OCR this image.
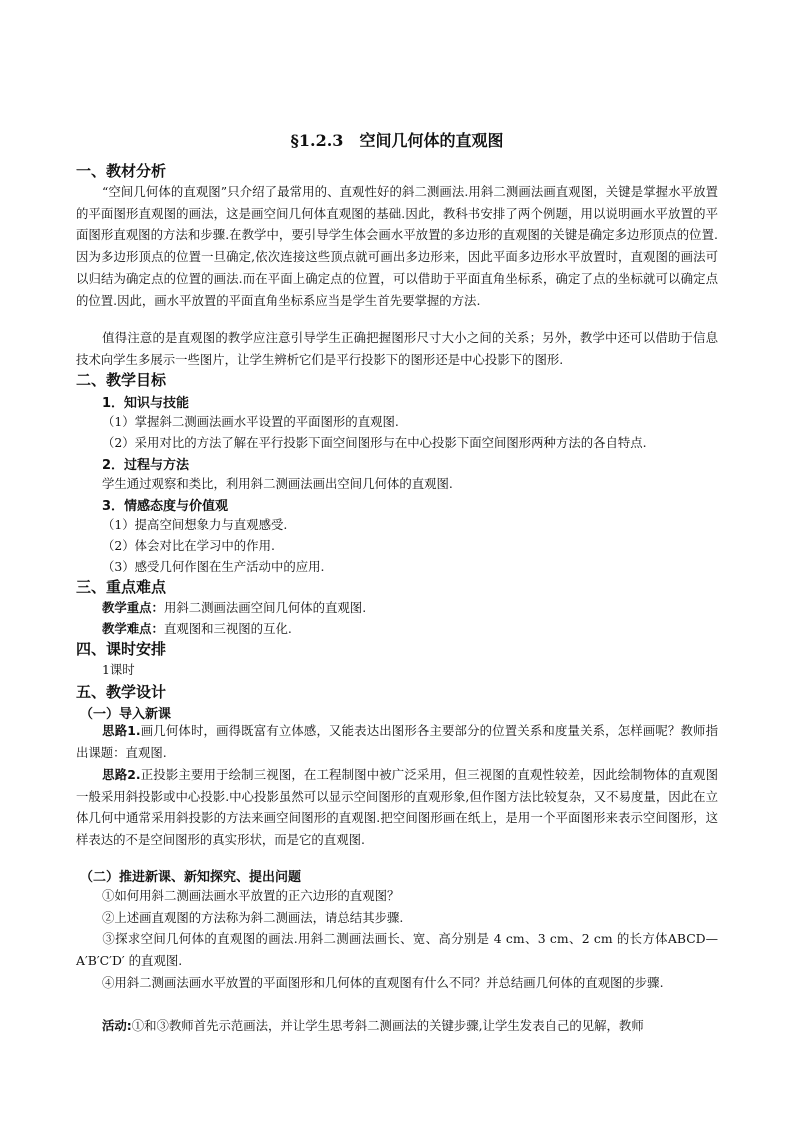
§1.2.3　空间几何体的直观图
一、教材分析
“空间几何体的直观图”只介绍了最常用的、直观性好的斜二测画法.用斜二测画法画直观图，关键是掌握水平放置的平面图形直观图的画法，这是画空间几何体直观图的基础.因此，教科书安排了两个例题，用以说明画水平放置的平面图形直观图的方法和步骤.在教学中，要引导学生体会画水平放置的多边形的直观图的关键是确定多边形顶点的位置.因为多边形顶点的位置一旦确定,依次连接这些顶点就可画出多边形来，因此平面多边形水平放置时，直观图的画法可以归结为确定点的位置的画法.而在平面上确定点的位置，可以借助于平面直角坐标系，确定了点的坐标就可以确定点的位置.因此，画水平放置的平面直角坐标系应当是学生首先要掌握的方法.
值得注意的是直观图的教学应注意引导学生正确把握图形尺寸大小之间的关系；另外，教学中还可以借助于信息技术向学生多展示一些图片，让学生辨析它们是平行投影下的图形还是中心投影下的图形.
二、教学目标
1．知识与技能
（1）掌握斜二测画法画水平设置的平面图形的直观图.
（2）采用对比的方法了解在平行投影下面空间图形与在中心投影下面空间图形两种方法的各自特点.
2．过程与方法
学生通过观察和类比，利用斜二测画法画出空间几何体的直观图.
3．情感态度与价值观
（1）提高空间想象力与直观感受.
（2）体会对比在学习中的作用.
（3）感受几何作图在生产活动中的应用.
三、重点难点
教学重点：用斜二测画法画空间几何体的直观图.
教学难点：直观图和三视图的互化.
四、课时安排
1课时
五、教学设计
（一）导入新课
思路1.画几何体时，画得既富有立体感，又能表达出图形各主要部分的位置关系和度量关系，怎样画呢？教师指出课题：直观图.
思路2.正投影主要用于绘制三视图，在工程制图中被广泛采用，但三视图的直观性较差，因此绘制物体的直观图一般采用斜投影或中心投影.中心投影虽然可以显示空间图形的直观形象,但作图方法比较复杂，又不易度量，因此在立体几何中通常采用斜投影的方法来画空间图形的直观图.把空间图形画在纸上，是用一个平面图形来表示空间图形，这样表达的不是空间图形的真实形状，而是它的直观图.
（二）推进新课、新知探究、提出问题
①如何用斜二测画法画水平放置的正六边形的直观图？
②上述画直观图的方法称为斜二测画法，请总结其步骤.
③探求空间几何体的直观图的画法.用斜二测画法画长、宽、高分别是 4 cm、3 cm、2 cm 的长方体ABCD—A′B′C′D′ 的直观图.
④用斜二测画法画水平放置的平面图形和几何体的直观图有什么不同？并总结画几何体的直观图的步骤.
活动:①和③教师首先示范画法，并让学生思考斜二测画法的关键步骤,让学生发表自己的见解，教师
